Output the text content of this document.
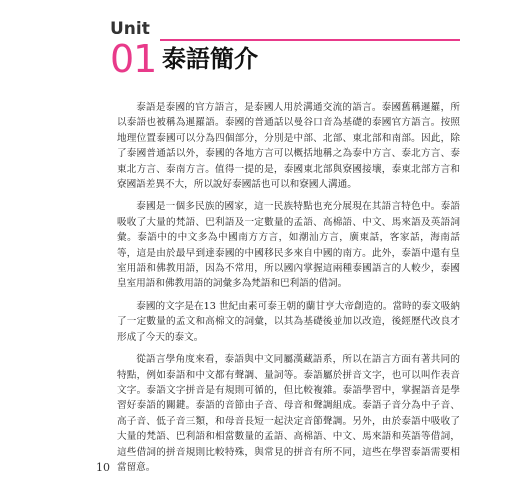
Unit
01 泰語簡介

泰語是泰國的官方語言，是泰國人用於溝通交流的語言。泰國舊稱暹羅，所以泰語也被稱為暹羅語。泰國的普通話以曼谷口音為基礎的泰國官方語言。按照地理位置泰國可以分為四個部分，分別是中部、北部、東北部和南部。因此，除了泰國普通話以外，泰國的各地方言可以概括地稱之為泰中方言、泰北方言、泰東北方言、泰南方言。值得一提的是，泰國東北部與寮國接壤，泰東北部方言和寮國語差異不大，所以說好泰國話也可以和寮國人溝通。

泰國是一個多民族的國家，這一民族特點也充分展現在其語言特色中。泰語吸收了大量的梵語、巴利語及一定數量的孟語、高棉語、中文、馬來語及英語詞彙。泰語中的中文多為中國南方方言，如潮汕方言，廣東話，客家話，海南話等，這是由於最早到達泰國的中國移民多來自中國的南方。此外，泰語中還有皇室用語和佛教用語，因為不常用，所以國內掌握這兩種泰國語言的人較少，泰國皇室用語和佛教用語的詞彙多為梵語和巴利語的借詞。

泰國的文字是在13 世紀由素可泰王朝的蘭甘亨大帝創造的。當時的泰文吸納了一定數量的孟文和高棉文的詞彙，以其為基礎後並加以改造，後經歷代改良才形成了今天的泰文。

從語言學角度來看，泰語與中文同屬漢藏語系，所以在語言方面有著共同的特點，例如泰語和中文都有聲調、量詞等。泰語屬於拼音文字，也可以叫作表音文字。泰語文字拼音是有規則可循的，但比較複雜。泰語學習中，掌握語音是學習好泰語的關鍵。泰語的音節由子音、母音和聲調組成。泰語子音分為中子音、高子音、低子音三類，和母音長短一起決定音節聲調。另外，由於泰語中吸收了大量的梵語、巴利語和相當數量的孟語、高棉語、中文、馬來語和英語等借詞，這些借詞的拼音規則比較特殊，與常見的拼音有所不同，這些在學習泰語需要相當留意。

10
